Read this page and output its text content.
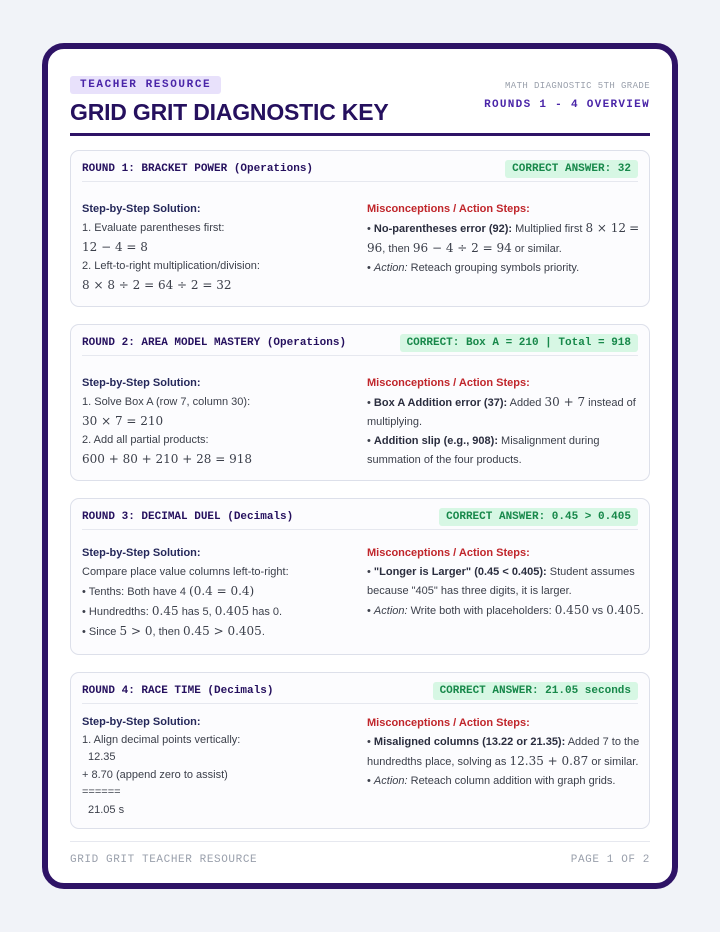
TEACHER RESOURCE
GRID GRIT DIAGNOSTIC KEY
MATH DIAGNOSTIC 5TH GRADE
ROUNDS 1 - 4 OVERVIEW
ROUND 1: BRACKET POWER (Operations)	CORRECT ANSWER: 32
Step-by-Step Solution:
1. Evaluate parentheses first:
12 − 4 = 8
2. Left-to-right multiplication/division:
8 × 8 ÷ 2 = 64 ÷ 2 = 32
Misconceptions / Action Steps:
• No-parentheses error (92): Multiplied first 8 × 12 = 96, then 96 − 4 ÷ 2 = 94 or similar.
• Action: Reteach grouping symbols priority.
ROUND 2: AREA MODEL MASTERY (Operations)	CORRECT: Box A = 210 | Total = 918
Step-by-Step Solution:
1. Solve Box A (row 7, column 30):
30 × 7 = 210
2. Add all partial products:
600 + 80 + 210 + 28 = 918
Misconceptions / Action Steps:
• Box A Addition error (37): Added 30 + 7 instead of multiplying.
• Addition slip (e.g., 908): Misalignment during summation of the four products.
ROUND 3: DECIMAL DUEL (Decimals)	CORRECT ANSWER: 0.45 > 0.405
Step-by-Step Solution:
Compare place value columns left-to-right:
• Tenths: Both have 4 (0.4 = 0.4)
• Hundredths: 0.45 has 5, 0.405 has 0.
• Since 5 > 0, then 0.45 > 0.405.
Misconceptions / Action Steps:
• "Longer is Larger" (0.45 < 0.405): Student assumes because "405" has three digits, it is larger.
• Action: Write both with placeholders: 0.450 vs 0.405.
ROUND 4: RACE TIME (Decimals)	CORRECT ANSWER: 21.05 seconds
Step-by-Step Solution:
1. Align decimal points vertically:
12.35
+ 8.70 (append zero to assist)
======
21.05 s
Misconceptions / Action Steps:
• Misaligned columns (13.22 or 21.35): Added 7 to the hundredths place, solving as 12.35 + 0.87 or similar.
• Action: Reteach column addition with graph grids.
GRID GRIT TEACHER RESOURCE	PAGE 1 OF 2
